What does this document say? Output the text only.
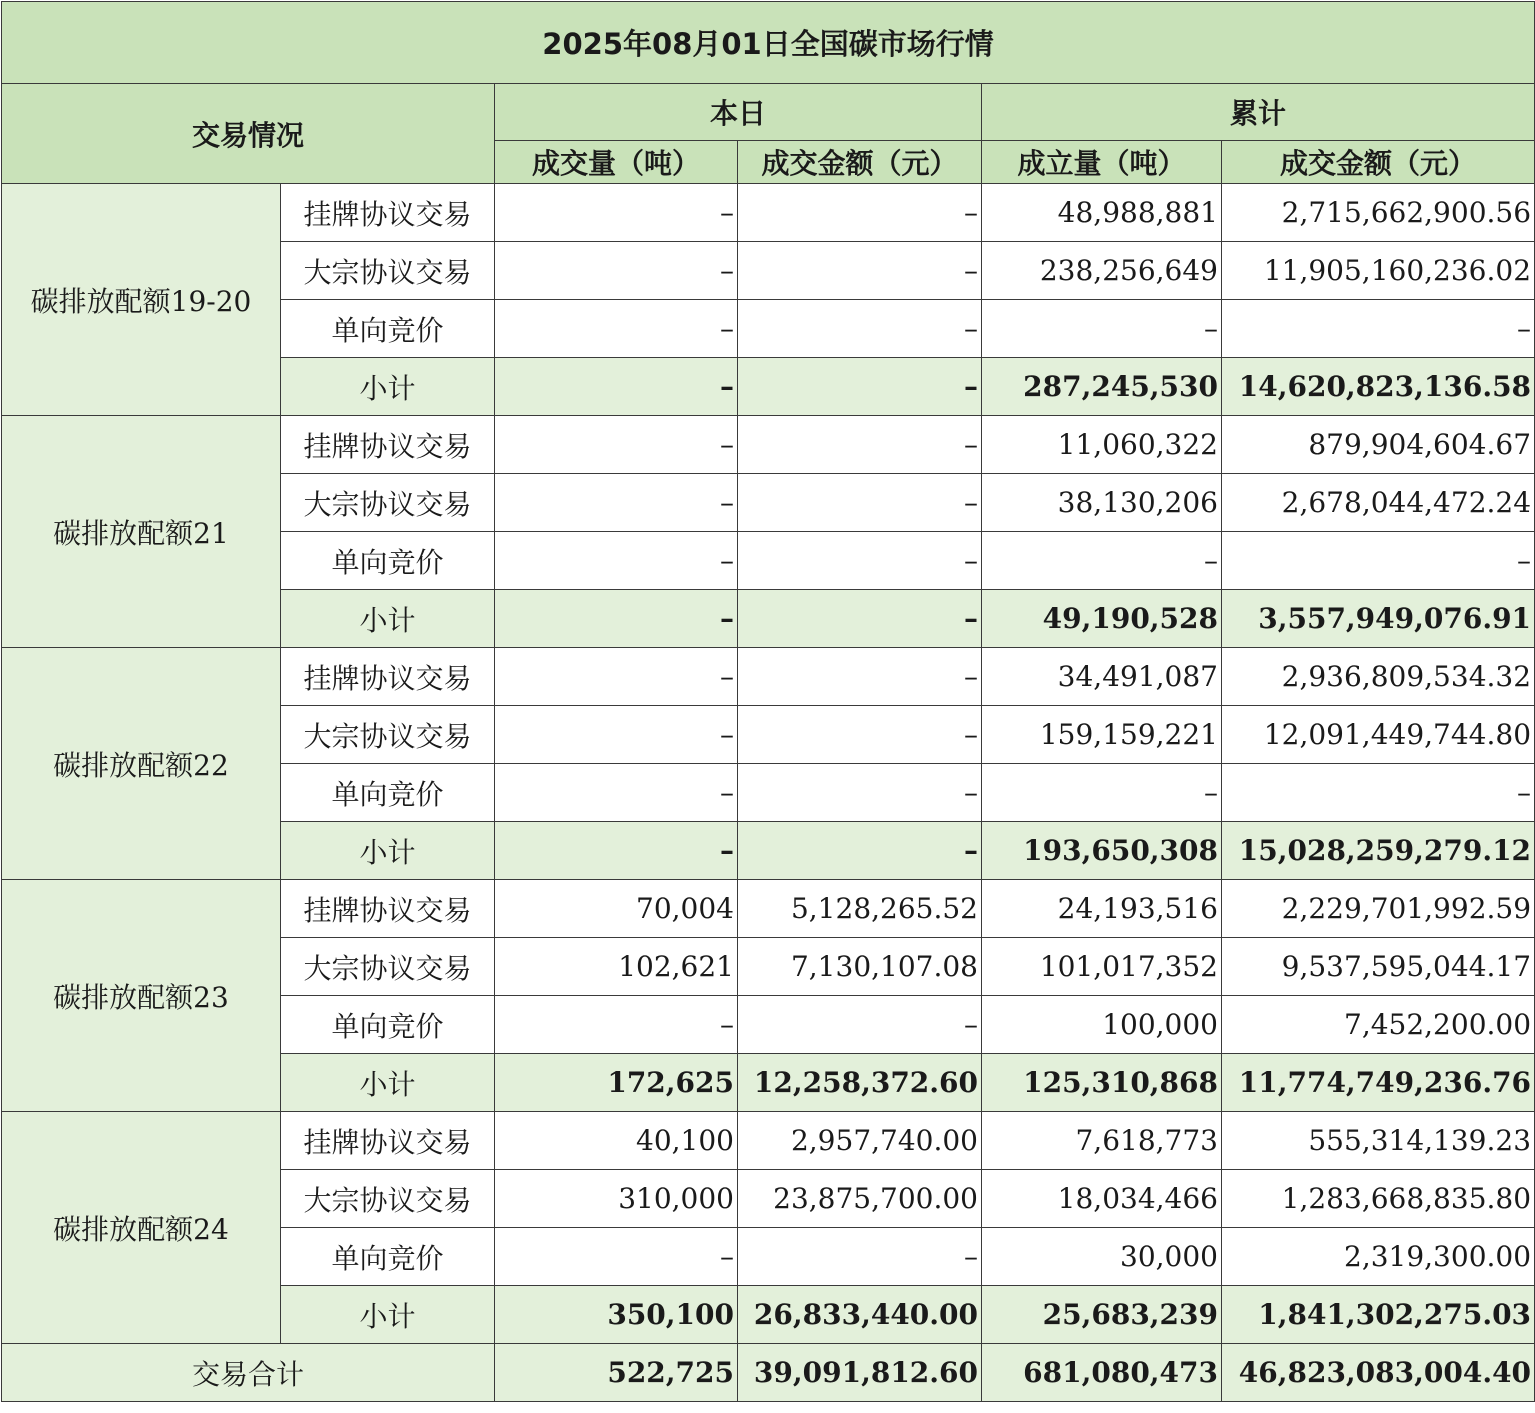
2025年08月01日全国碳市场行情					
交易情况		本日		累计	
		成交量（吨）	成交金额（元）	成立量（吨）	成交金额（元）
碳排放配额19-20	挂牌协议交易	–	–	48,988,881	2,715,662,900.56
	大宗协议交易	–	–	238,256,649	11,905,160,236.02
	单向竞价	–	–	–	–
	小计	–	–	287,245,530	14,620,823,136.58
碳排放配额21	挂牌协议交易	–	–	11,060,322	879,904,604.67
	大宗协议交易	–	–	38,130,206	2,678,044,472.24
	单向竞价	–	–	–	–
	小计	–	–	49,190,528	3,557,949,076.91
碳排放配额22	挂牌协议交易	–	–	34,491,087	2,936,809,534.32
	大宗协议交易	–	–	159,159,221	12,091,449,744.80
	单向竞价	–	–	–	–
	小计	–	–	193,650,308	15,028,259,279.12
碳排放配额23	挂牌协议交易	70,004	5,128,265.52	24,193,516	2,229,701,992.59
	大宗协议交易	102,621	7,130,107.08	101,017,352	9,537,595,044.17
	单向竞价	–	–	100,000	7,452,200.00
	小计	172,625	12,258,372.60	125,310,868	11,774,749,236.76
碳排放配额24	挂牌协议交易	40,100	2,957,740.00	7,618,773	555,314,139.23
	大宗协议交易	310,000	23,875,700.00	18,034,466	1,283,668,835.80
	单向竞价	–	–	30,000	2,319,300.00
	小计	350,100	26,833,440.00	25,683,239	1,841,302,275.03
交易合计		522,725	39,091,812.60	681,080,473	46,823,083,004.40
